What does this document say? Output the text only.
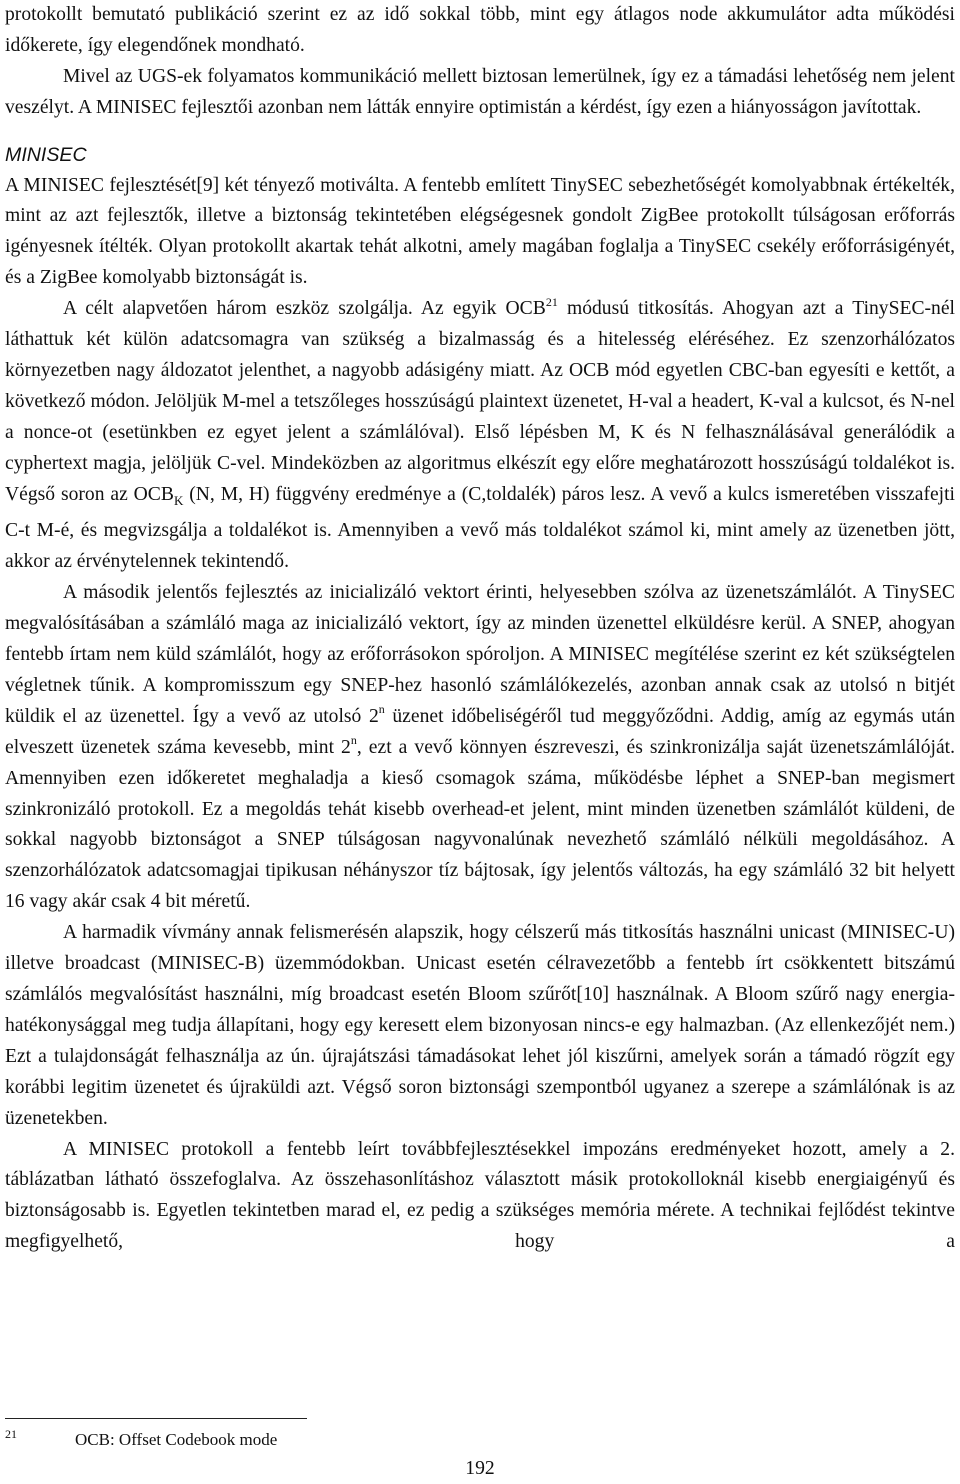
protokollt bemutató publikáció szerint ez az idő sokkal több, mint egy átlagos node akkumulátor adta működési időkerete, így elegendőnek mondható.

Mivel az UGS-ek folyamatos kommunikáció mellett biztosan lemerülnek, így ez a támadási lehetőség nem jelent veszélyt. A MINISEC fejlesztői azonban nem látták ennyire optimistán a kérdést, így ezen a hiányosságon javítottak.

MINISEC

A MINISEC fejlesztését[9] két tényező motiválta. A fentebb említett TinySEC sebezhetőségét komolyabbnak értékelték, mint az azt fejlesztők, illetve a biztonság tekintetében elégségesnek gondolt ZigBee protokollt túlságosan erőforrás igényesnek ítélték. Olyan protokollt akartak tehát alkotni, amely magában foglalja a TinySEC csekély erőforrásigényét, és a ZigBee komolyabb biztonságát is.

A célt alapvetően három eszköz szolgálja. Az egyik OCB$^{21}$ módusú titkosítás. Ahogyan azt a TinySEC-nél láthattuk két külön adatcsomagra van szükség a bizalmasság és a hitelesség eléréséhez. Ez szenzorhálózatos környezetben nagy áldozatot jelenthet, a nagyobb adásigény miatt. Az OCB mód egyetlen CBC-ban egyesíti e kettőt, a következő módon. Jelöljük M-mel a tetszőleges hosszúságú plaintext üzenetet, H-val a headert, K-val a kulcsot, és N-nel a nonce-ot (esetünkben ez egyet jelent a számlálóval). Első lépésben M, K és N felhasználásával generálódik a cyphertext magja, jelöljük C-vel. Mindeközben az algoritmus elkészít egy előre meghatározott hosszúságú toldalékot is. Végső soron az $OCB_K$ (N, M, H) függvény eredménye a (C,toldalék) páros lesz. A vevő a kulcs ismeretében visszafejti C-t M-é, és megvizsgálja a toldalékot is. Amennyiben a vevő más toldalékot számol ki, mint amely az üzenetben jött, akkor az érvénytelennek tekintendő.

A második jelentős fejlesztés az inicializáló vektort érinti, helyesebben szólva az üzenetszámlálót. A TinySEC megvalósításában a számláló maga az inicializáló vektort, így az minden üzenettel elküldésre kerül. A SNEP, ahogyan fentebb írtam nem küld számlálót, hogy az erőforrásokon spóroljon. A MINISEC megítélése szerint ez két szükségtelen végletnek tűnik. A kompromisszum egy SNEP-hez hasonló számlálókezelés, azonban annak csak az utolsó n bitjét küldik el az üzenettel. Így a vevő az utolsó 2$^n$ üzenet időbeliségéről tud meggyőződni. Addig, amíg az egymás után elveszett üzenetek száma kevesebb, mint 2$^n$, ezt a vevő könnyen észreveszi, és szinkronizálja saját üzenetszámlálóját. Amennyiben ezen időkeretet meghaladja a kieső csomagok száma, működésbe léphet a SNEP-ban megismert szinkronizáló protokoll. Ez a megoldás tehát kisebb overhead-et jelent, mint minden üzenetben számlálót küldeni, de sokkal nagyobb biztonságot a SNEP túlságosan nagyvonalúnak nevezhető számláló nélküli megoldásához. A szenzorhálózatok adatcsomagjai tipikusan néhányszor tíz bájtosak, így jelentős változás, ha egy számláló 32 bit helyett 16 vagy akár csak 4 bit méretű.

A harmadik vívmány annak felismerésén alapszik, hogy célszerű más titkosítás használni unicast (MINISEC-U) illetve broadcast (MINISEC-B) üzemmódokban. Unicast esetén célravezetőbb a fentebb írt csökkentett bitszámú számlálós megvalósítást használni, míg broadcast esetén Bloom szűrőt[10] használnak. A Bloom szűrő nagy energia-hatékonysággal meg tudja állapítani, hogy egy keresett elem bizonyosan nincs-e egy halmazban. (Az ellenkezőjét nem.) Ezt a tulajdonságát felhasználja az ún. újrajátszási támadásokat lehet jól kiszűrni, amelyek során a támadó rögzít egy korábbi legitim üzenetet és újraküldi azt. Végső soron biztonsági szempontból ugyanez a szerepe a számlálónak is az üzenetekben.

A MINISEC protokoll a fentebb leírt továbbfejlesztésekkel impozáns eredményeket hozott, amely a 2. táblázatban látható összefoglalva. Az összehasonlításhoz választott másik protokolloknál kisebb energiaigényű és biztonságosabb is. Egyetlen tekintetben marad el, ez pedig a szükséges memória mérete. A technikai fejlődést tekintve megfigyelhető, hogy a

21	OCB: Offset Codebook mode
192
